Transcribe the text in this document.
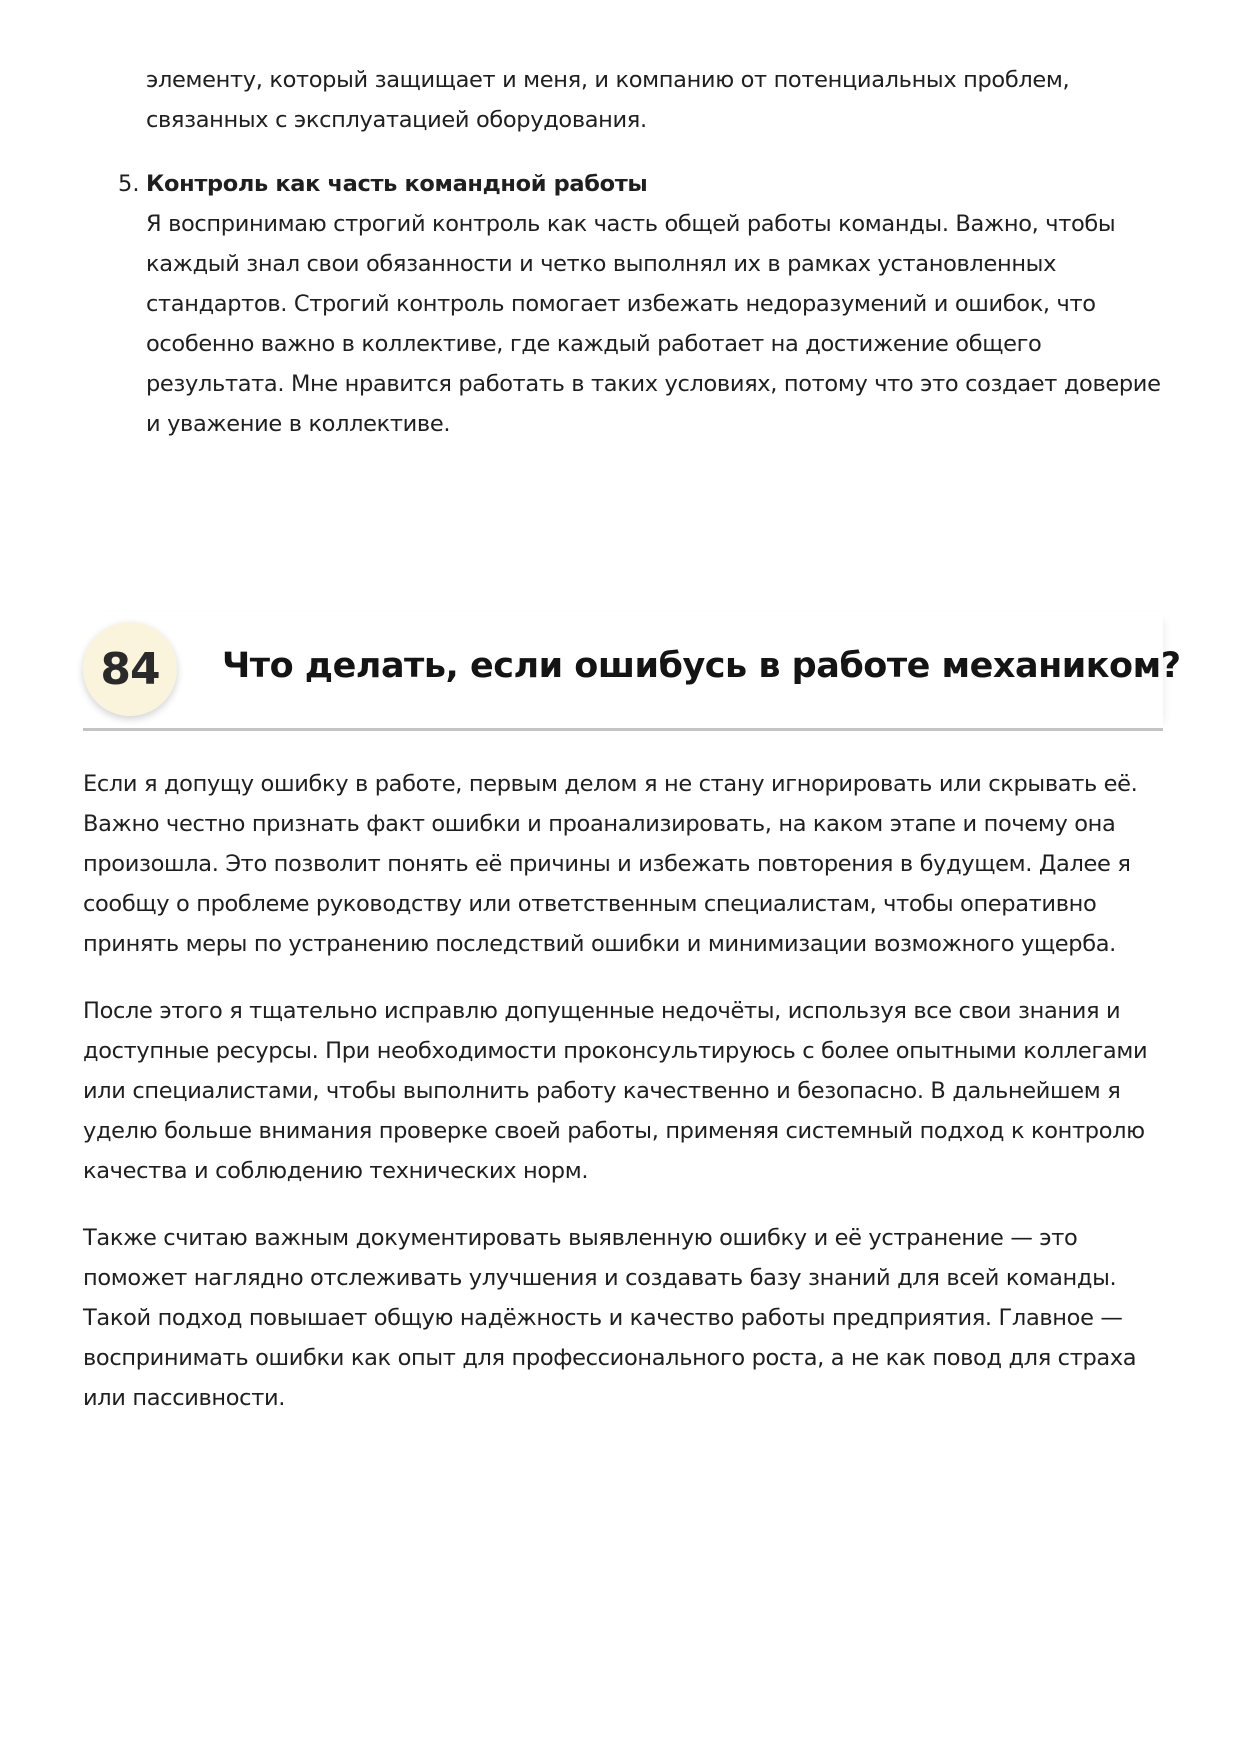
элементу, который защищает и меня, и компанию от потенциальных проблем, связанных с эксплуатацией оборудования.

5. Контроль как часть командной работы

Я воспринимаю строгий контроль как часть общей работы команды. Важно, чтобы каждый знал свои обязанности и четко выполнял их в рамках установленных стандартов. Строгий контроль помогает избежать недоразумений и ошибок, что особенно важно в коллективе, где каждый работает на достижение общего результата. Мне нравится работать в таких условиях, потому что это создает доверие и уважение в коллективе.

84	Что делать, если ошибусь в работе механиком?

Если я допущу ошибку в работе, первым делом я не стану игнорировать или скрывать её. Важно честно признать факт ошибки и проанализировать, на каком этапе и почему она произошла. Это позволит понять её причины и избежать повторения в будущем. Далее я сообщу о проблеме руководству или ответственным специалистам, чтобы оперативно принять меры по устранению последствий ошибки и минимизации возможного ущерба.

После этого я тщательно исправлю допущенные недочёты, используя все свои знания и доступные ресурсы. При необходимости проконсультируюсь с более опытными коллегами или специалистами, чтобы выполнить работу качественно и безопасно. В дальнейшем я уделю больше внимания проверке своей работы, применяя системный подход к контролю качества и соблюдению технических норм.

Также считаю важным документировать выявленную ошибку и её устранение — это поможет наглядно отслеживать улучшения и создавать базу знаний для всей команды. Такой подход повышает общую надёжность и качество работы предприятия. Главное — воспринимать ошибки как опыт для профессионального роста, а не как повод для страха или пассивности.
